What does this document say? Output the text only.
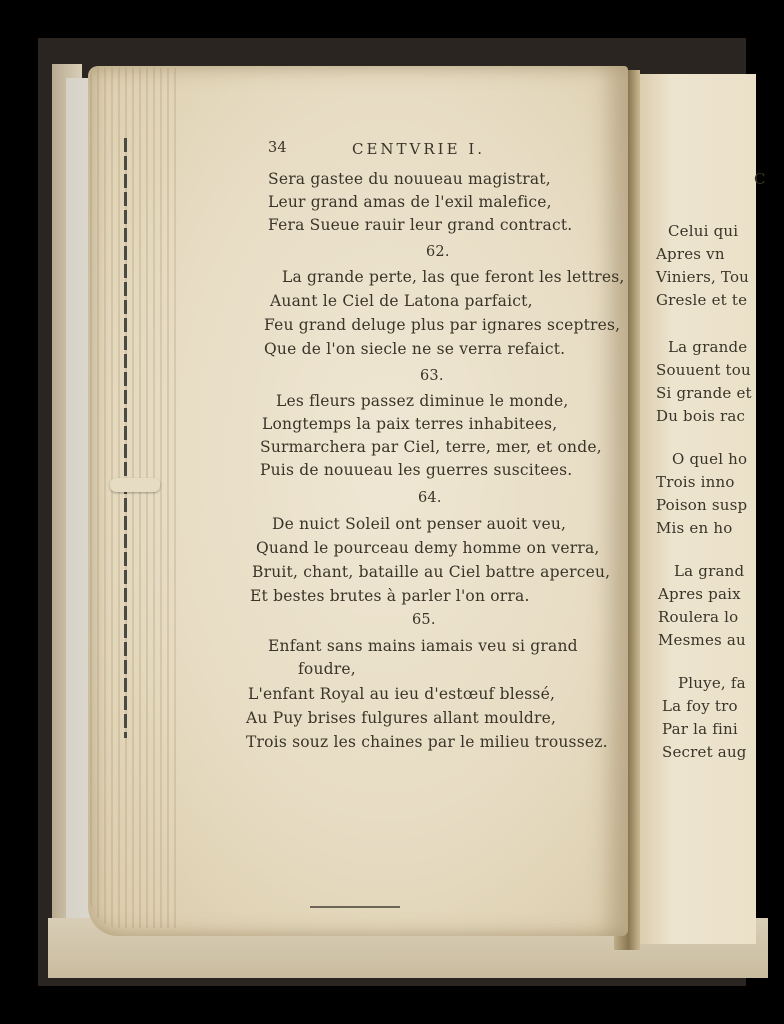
34	CENTVRIE I.
Sera gastee du nouueau magistrat,
Leur grand amas de l'exil malefice,
Fera Sueue rauir leur grand contract.
62.
La grande perte, las que feront les lettres,
Auant le Ciel de Latona parfaict,
Feu grand deluge plus par ignares sceptres,
Que de l'on siecle ne se verra refaict.
63.
Les fleurs passez diminue le monde,
Longtemps la paix terres inhabitees,
Surmarchera par Ciel, terre, mer, et onde,
Puis de nouueau les guerres suscitees.
64.
De nuict Soleil ont penser auoit veu,
Quand le pourceau demy homme on verra,
Bruit, chant, bataille au Ciel battre aperceu,
Et bestes brutes à parler l'on orra.
65.
Enfant sans mains iamais veu si grand
foudre,
L'enfant Royal au ieu d'estœuf blessé,
Au Puy brises fulgures allant mouldre,
Trois souz les chaines par le milieu troussez.
C
Celui qui
Apres vn
Viniers, Tou
Gresle et te
La grande
Souuent tou
Si grande et
Du bois rac
O quel ho
Trois inno
Poison susp
Mis en ho
La grand
Apres paix
Roulera lo
Mesmes au
Pluye, fa
La foy tro
Par la fini
Secret aug
